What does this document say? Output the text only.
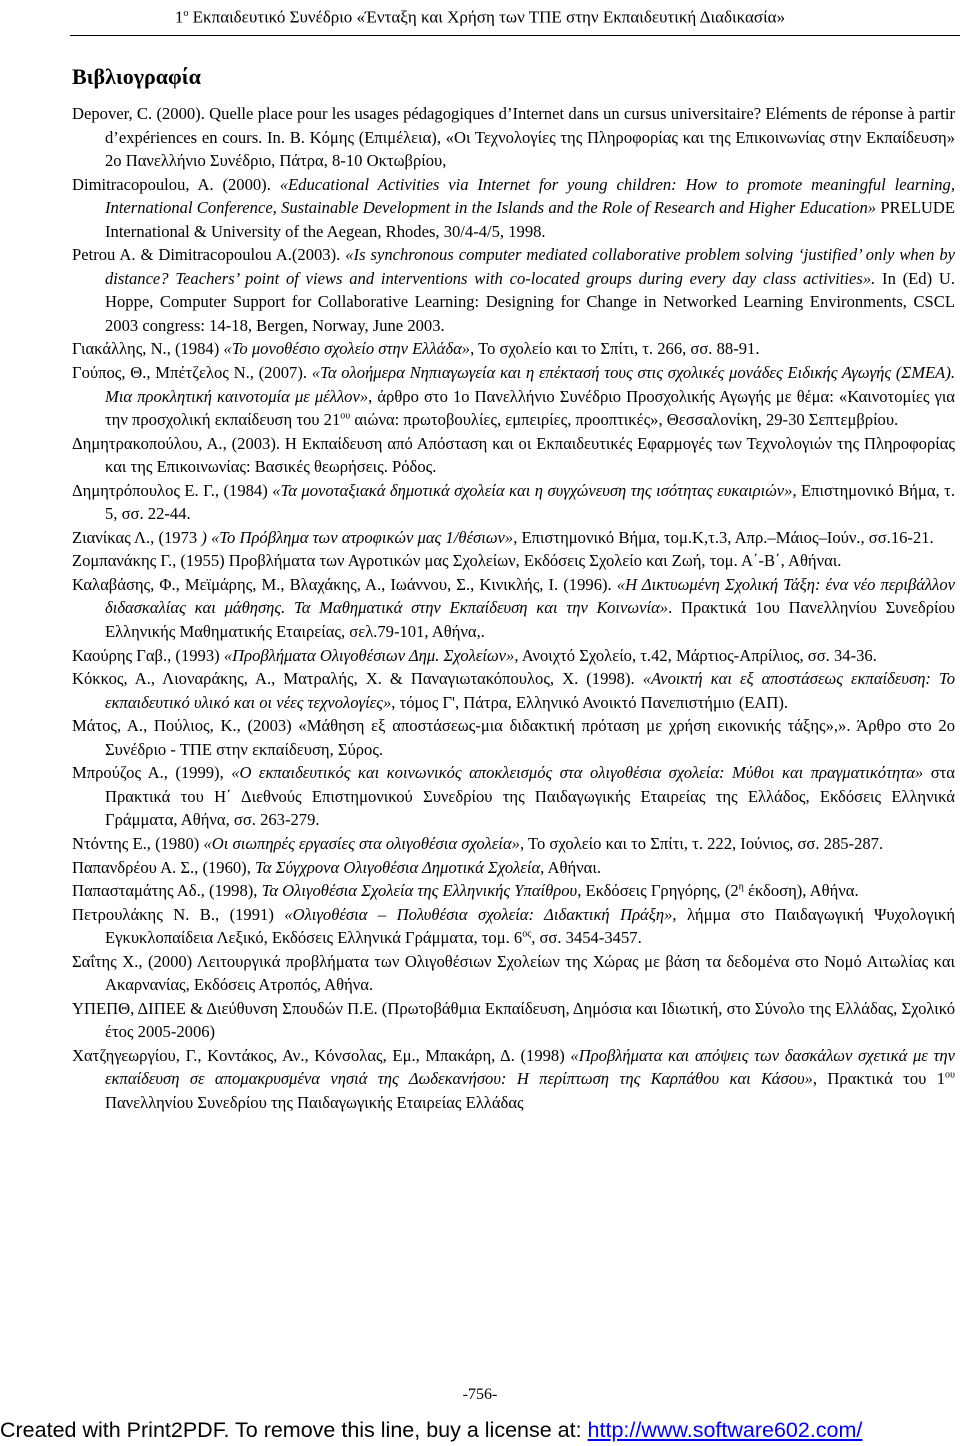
$1^o$ Εκπαιδευτικό Συνέδριο «Ένταξη και Χρήση των ΤΠΕ στην Εκπαιδευτική Διαδικασία»
Βιβλιογραφία

Depover, C. (2000). Quelle place pour les usages pédagogiques d’Internet dans un cursus universitaire? Eléments de réponse à partir d’expériences en cours. In. Β. Κόμης (Επιμέλεια), «Οι Τεχνολογίες της Πληροφορίας και της Επικοινωνίας στην Εκπαίδευση» 2ο Πανελλήνιο Συνέδριο, Πάτρα, 8-10 Οκτωβρίου,

Dimitracopoulou, A. (2000). «Educational Activities via Internet for young children: How to promote meaningful learning, International Conference, Sustainable Development in the Islands and the Role of Research and Higher Education» PRELUDE International & University of the Aegean, Rhodes, 30/4-4/5, 1998.

Petrou A. & Dimitracopoulou A.(2003). «Is synchronous computer mediated collaborative problem solving ‘justified’ only when by distance? Teachers’ point of views and interventions with co-located groups during every day class activities». In (Ed) U. Hoppe, Computer Support for Collaborative Learning: Designing for Change in Networked Learning Environments, CSCL 2003 congress: 14-18, Bergen, Norway, June 2003.

Γιακάλλης, Ν., (1984) «Το μονοθέσιο σχολείο στην Ελλάδα», Το σχολείο και το Σπίτι, τ. 266, σσ. 88-91.

Γούπος, Θ., Μπέτζελος Ν., (2007). «Τα ολοήμερα Νηπιαγωγεία και η επέκτασή τους στις σχολικές μονάδες Ειδικής Αγωγής (ΣΜΕΑ). Μια προκλητική καινοτομία με μέλλον», άρθρο στο 1ο Πανελλήνιο Συνέδριο Προσχολικής Αγωγής με θέμα: «Καινοτομίες για την προσχολική εκπαίδευση του $21^{o\upsilon}$ αιώνα: πρωτοβουλίες, εμπειρίες, προοπτικές», Θεσσαλονίκη, 29-30 Σεπτεμβρίου.

Δημητρακοπούλου, Α., (2003). Η Εκπαίδευση από Απόσταση και οι Εκπαιδευτικές Εφαρμογές των Τεχνολογιών της Πληροφορίας και της Επικοινωνίας: Βασικές θεωρήσεις. Ρόδος.

Δημητρόπουλος Ε. Γ., (1984) «Τα μονοταξιακά δημοτικά σχολεία και η συγχώνευση της ισότητας ευκαιριών», Επιστημονικό Βήμα, τ. 5, σσ. 22-44.

Ζιανίκας Λ., (1973 ) «Το Πρόβλημα των ατροφικών μας 1/θέσιων», Επιστημονικό Βήμα, τομ.Κ,τ.3, Απρ.–Μάιος–Ιούν., σσ.16-21.

Ζομπανάκης Γ., (1955) Προβλήματα των Αγροτικών μας Σχολείων, Εκδόσεις Σχολείο και Ζωή, τομ. Α΄-Β΄, Αθήναι.

Καλαβάσης, Φ., Μεϊμάρης, Μ., Βλαχάκης, Α., Ιωάννου, Σ., Κινικλής, Ι. (1996). «Η Δικτυωμένη Σχολική Τάξη: ένα νέο περιβάλλον διδασκαλίας και μάθησης. Τα Μαθηματικά στην Εκπαίδευση και την Κοινωνία». Πρακτικά 1ου Πανελληνίου Συνεδρίου Ελληνικής Μαθηματικής Εταιρείας, σελ.79-101, Αθήνα,.

Καούρης Γαβ., (1993) «Προβλήματα Ολιγοθέσιων Δημ. Σχολείων», Ανοιχτό Σχολείο, τ.42, Μάρτιος-Απρίλιος, σσ. 34-36.

Κόκκος, Α., Λιοναράκης, Α., Ματραλής, Χ. & Παναγιωτακόπουλος, Χ. (1998). «Ανοικτή και εξ αποστάσεως εκπαίδευση: Το εκπαιδευτικό υλικό και οι νέες τεχνολογίες», τόμος Γ', Πάτρα, Ελληνικό Ανοικτό Πανεπιστήμιο (ΕΑΠ).

Μάτος, Α., Πούλιος, Κ., (2003) «Μάθηση εξ αποστάσεως-μια διδακτική πρόταση με χρήση εικονικής τάξης»,». Άρθρο στο 2ο Συνέδριο - ΤΠΕ στην εκπαίδευση, Σύρος.

Μπρούζος Α., (1999), «Ο εκπαιδευτικός και κοινωνικός αποκλεισμός στα ολιγοθέσια σχολεία: Μύθοι και πραγματικότητα» στα Πρακτικά του Η΄ Διεθνούς Επιστημονικού Συνεδρίου της Παιδαγωγικής Εταιρείας της Ελλάδος, Εκδόσεις Ελληνικά Γράμματα, Αθήνα, σσ. 263-279.

Ντόντης Ε., (1980) «Οι σιωπηρές εργασίες στα ολιγοθέσια σχολεία», Το σχολείο και το Σπίτι, τ. 222, Ιούνιος, σσ. 285-287.

Παπανδρέου Α. Σ., (1960), Τα Σύγχρονα Ολιγοθέσια Δημοτικά Σχολεία, Αθήναι.

Παπασταμάτης Αδ., (1998), Τα Ολιγοθέσια Σχολεία της Ελληνικής Υπαίθρου, Εκδόσεις Γρηγόρης, ($2^\eta$ έκδοση), Αθήνα.

Πετρουλάκης Ν. Β., (1991) «Ολιγοθέσια – Πολυθέσια σχολεία: Διδακτική Πράξη», λήμμα στο Παιδαγωγική Ψυχολογική Εγκυκλοπαίδεια Λεξικό, Εκδόσεις Ελληνικά Γράμματα, τομ. $6^{o\varsigma}$, σσ. 3454-3457.

Σαΐτης Χ., (2000) Λειτουργικά προβλήματα των Ολιγοθέσιων Σχολείων της Χώρας με βάση τα δεδομένα στο Νομό Αιτωλίας και Ακαρνανίας, Εκδόσεις Ατροπός, Αθήνα.

ΥΠΕΠΘ, ΔΙΠΕΕ & Διεύθυνση Σπουδών Π.Ε. (Πρωτοβάθμια Εκπαίδευση, Δημόσια και Ιδιωτική, στο Σύνολο της Ελλάδας, Σχολικό έτος 2005-2006)

Χατζηγεωργίου, Γ., Κοντάκος, Αν., Κόνσολας, Εμ., Μπακάρη, Δ. (1998) «Προβλήματα και απόψεις των δασκάλων σχετικά με την εκπαίδευση σε απομακρυσμένα νησιά της Δωδεκανήσου: Η περίπτωση της Καρπάθου και Κάσου», Πρακτικά του $1^{o\upsilon}$ Πανελληνίου Συνεδρίου της Παιδαγωγικής Εταιρείας Ελλάδας

-756-
Created with Print2PDF. To remove this line, buy a license at: http://www.software602.com/
